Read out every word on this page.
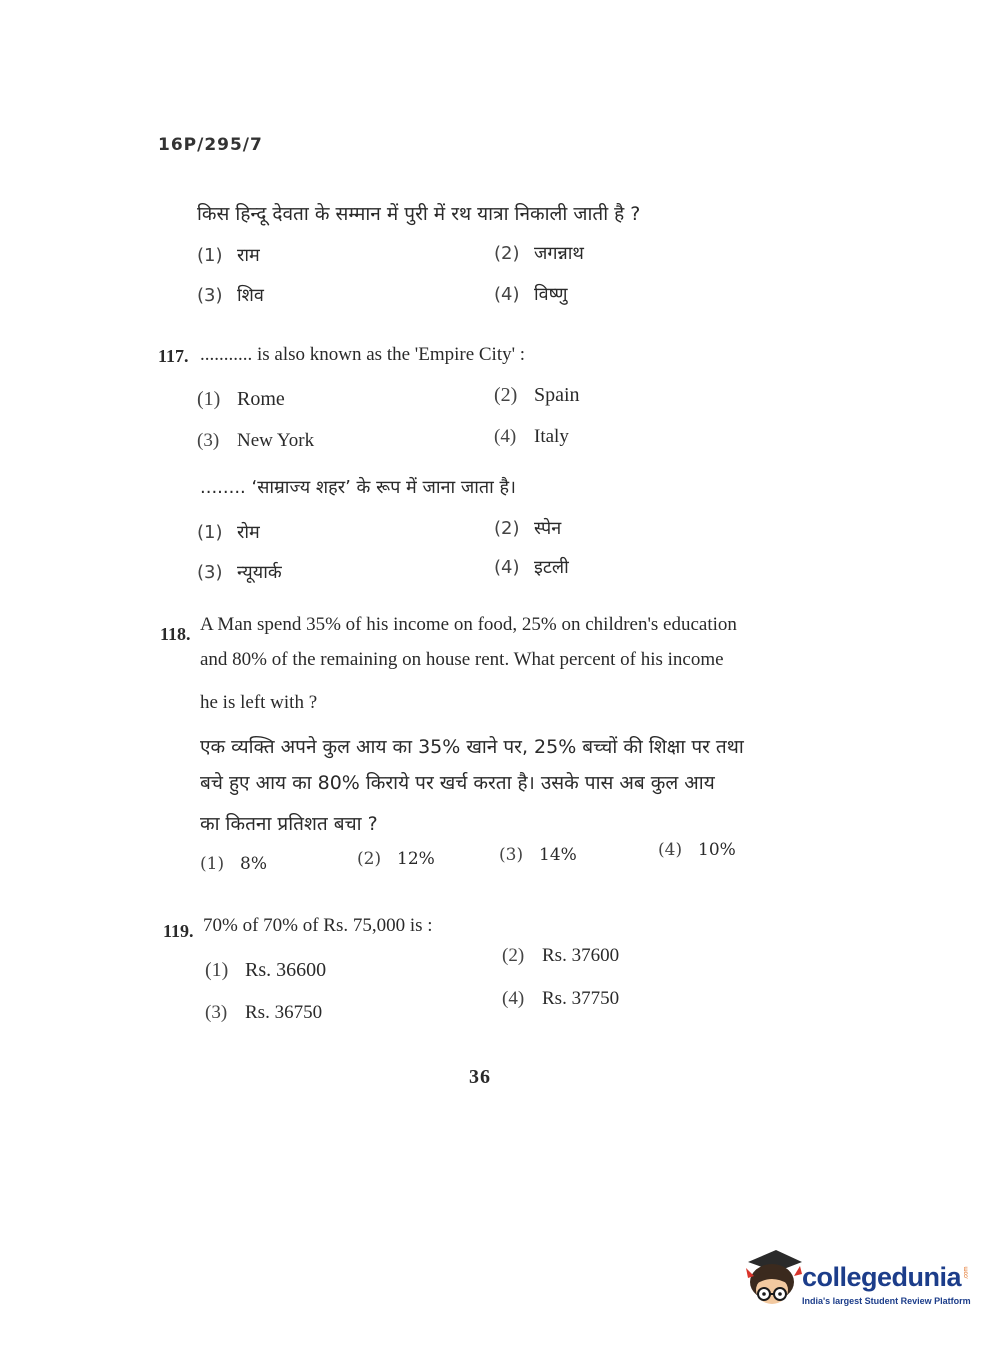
16P/295/7
किस हिन्दू देवता के सम्मान में पुरी में रथ यात्रा निकाली जाती है ?
(1) राम	(2) जगन्नाथ
(3) शिव	(4) विष्णु
117. ........... is also known as the 'Empire City' :
(1) Rome	(2) Spain
(3) New York	(4) Italy
........ ‘साम्राज्य शहर’ के रूप में जाना जाता है।
(1) रोम	(2) स्पेन
(3) न्यूयार्क	(4) इटली
118. A Man spend 35% of his income on food, 25% on children's education
and 80% of the remaining on house rent. What percent of his income
he is left with ?
एक व्यक्ति अपने कुल आय का 35% खाने पर, 25% बच्चों की शिक्षा पर तथा
बचे हुए आय का 80% किराये पर खर्च करता है। उसके पास अब कुल आय
का कितना प्रतिशत बचा ?
(1) 8%	(2) 12%	(3) 14%	(4) 10%
119. 70% of 70% of Rs. 75,000 is :
(1) Rs. 36600
(2) Rs. 37600
(3) Rs. 36750
(4) Rs. 37750
36
collegedunia .com
India's largest Student Review Platform
